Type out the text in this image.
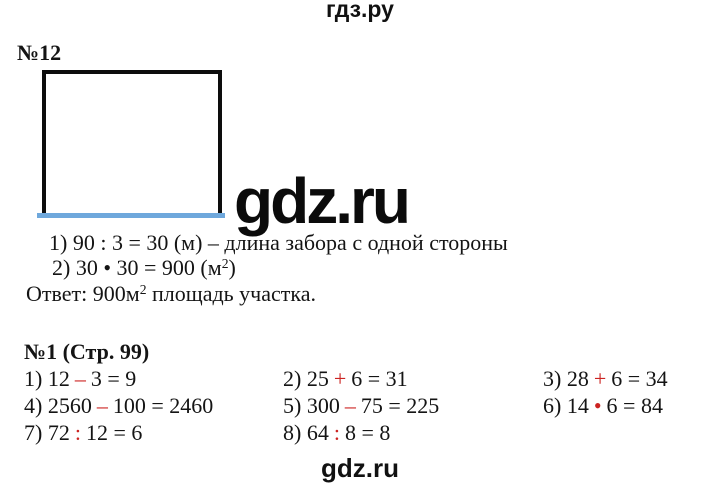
гдз.ру
№12
gdz.ru
1) 90 : 3 = 30 (м) – длина забора с одной стороны
2) 30 • 30 = 900 $(м^2)$
Ответ: $900м^2$ площадь участка.
№1 (Стр. 99)
1) 12 – 3 = 9	2) 25 + 6 = 31	3) 28 + 6 = 34
4) 2560 – 100 = 2460	5) 300 – 75 = 225	6) 14 • 6 = 84
7) 72 : 12 = 6	8) 64 : 8 = 8
gdz.ru
